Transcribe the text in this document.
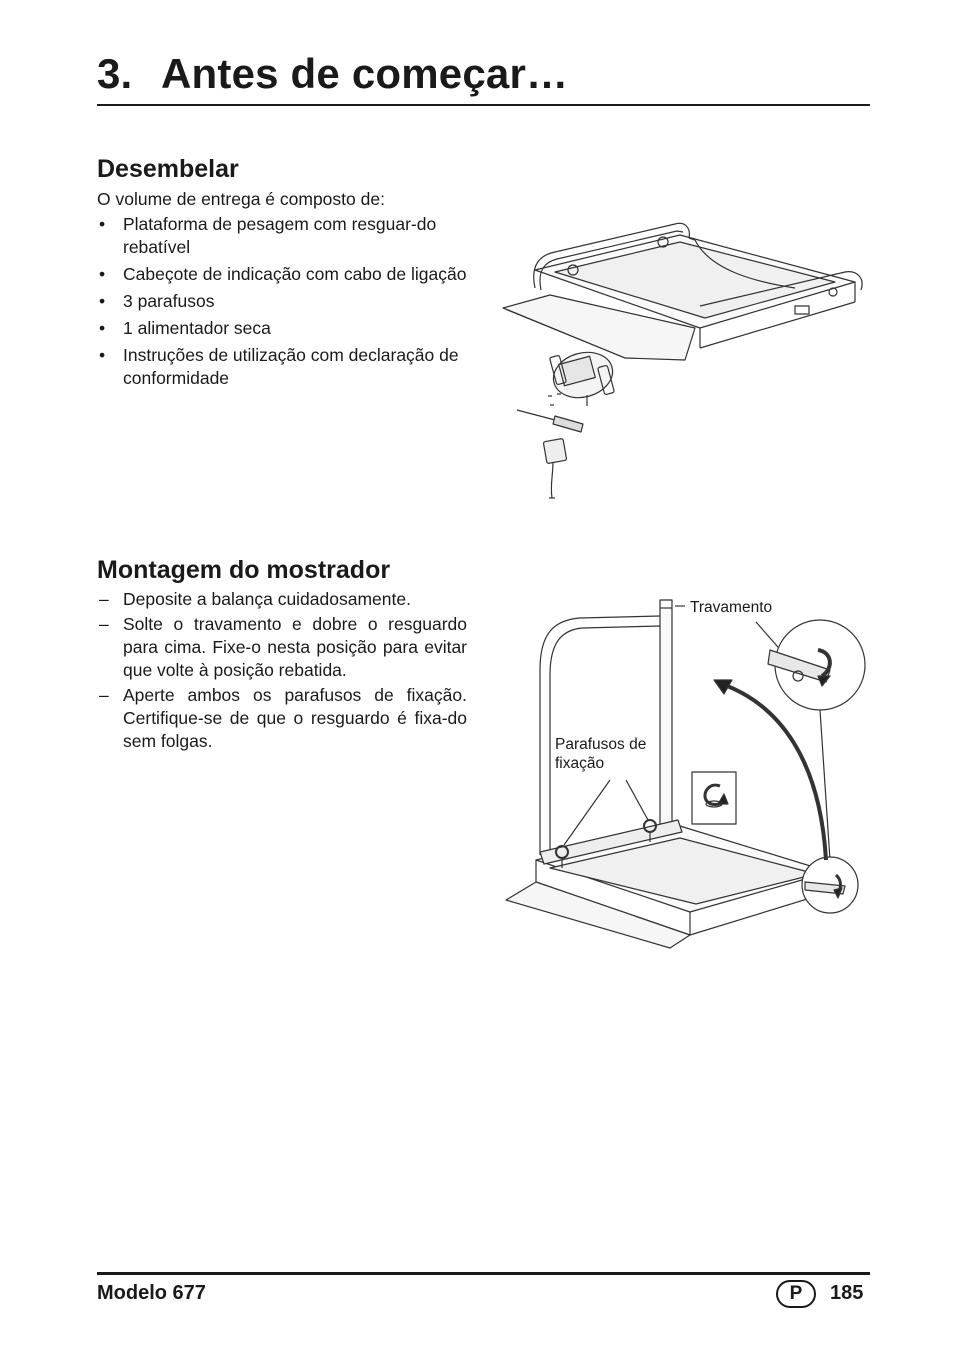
3. Antes de começar…
Desembelar

O volume de entrega é composto de:

• Plataforma de pesagem com resguar-do rebatível
• Cabeçote de indicação com cabo de ligação
• 3 parafusos
• 1 alimentador seca
• Instruções de utilização com declaração de conformidade
Montagem do mostrador
– Deposite a balança cuidadosamente.
– Solte o travamento e dobre o resguardo para cima. Fixe-o nesta posição para evitar que volte à posição rebatida.
– Aperte ambos os parafusos de fixação. Certifique-se de que o resguardo é fixa-do sem folgas.
Travamento
Parafusos de
fixação
Modelo 677	P	185
